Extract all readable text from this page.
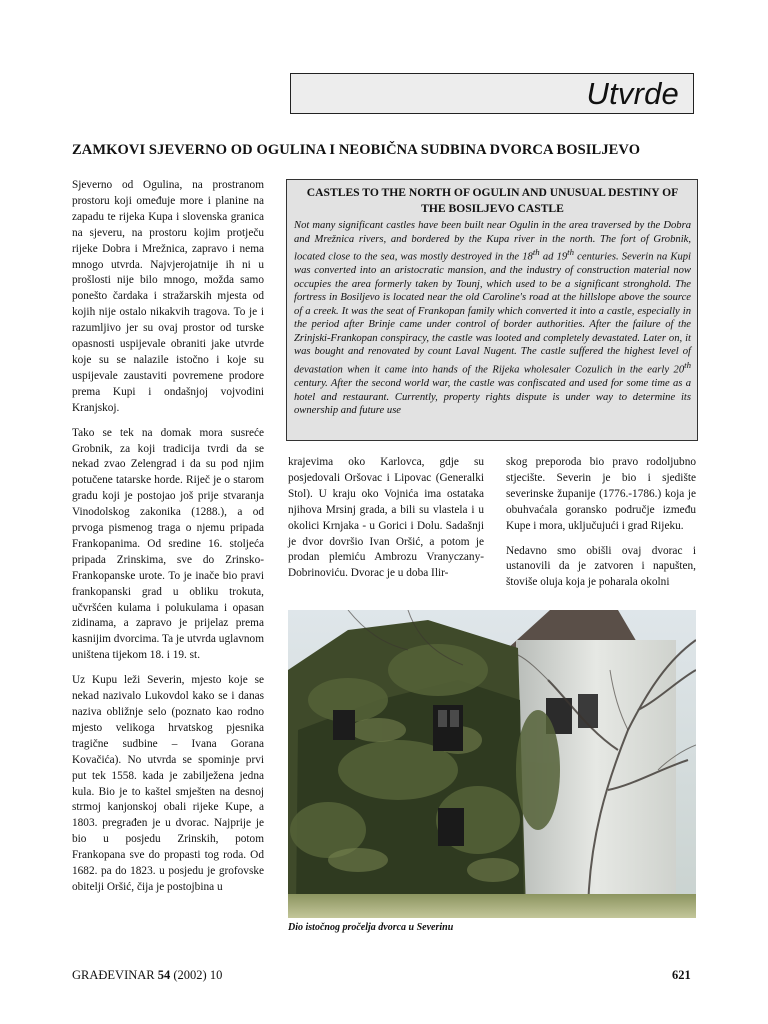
Utvrde
ZAMKOVI SJEVERNO OD OGULINA I NEOBIČNA SUDBINA DVORCA BOSILJEVO

Sjeverno od Ogulina, na prostranom prostoru koji omeđuje more i planine na zapadu te rijeka Kupa i slovenska granica na sjeveru, na prostoru kojim protječu rijeke Dobra i Mrežnica, zapravo i nema mnogo utvrda. Najvjerojatnije ih ni u prošlosti nije bilo mnogo, možda samo ponešto čardaka i stražarskih mjesta od kojih nije ostalo nikakvih tragova. To je i razumljivo jer su ovaj prostor od turske opasnosti uspijevale obraniti jake utvrde koje su se nalazile istočno i koje su uspijevale zaustaviti povremene prodore prema Kupi i ondašnjoj vojvodini Kranjskoj.

Tako se tek na domak mora susreće Grobnik, za koji tradicija tvrdi da se nekad zvao Zelengrad i da su pod njim potučene tatarske horde. Riječ je o starom gradu koji je postojao još prije stvaranja Vinodolskog zakonika (1288.), a od prvoga pismenog traga o njemu pripada Frankopanima. Od sredine 16. stoljeća pripada Zrinskima, sve do Zrinsko-Frankopanske urote. To je inače bio pravi frankopanski grad u obliku trokuta, učvršćen kulama i polukulama i opasan zidinama, a zapravo je prijelaz prema kasnijim dvorcima. Ta je utvrda uglavnom uništena tijekom 18. i 19. st.

Uz Kupu leži Severin, mjesto koje se nekad nazivalo Lukovdol kako se i danas naziva obližnje selo (poznato kao rodno mjesto velikoga hrvatskog pjesnika tragične sudbine – Ivana Gorana Kovačića). No utvrda se spominje prvi put tek 1558. kada je zabilježena jedna kula. Bio je to kaštel smješten na desnoj strmoj kanjonskoj obali rijeke Kupe, a 1803. pregrađen je u dvorac. Najprije je bio u posjedu Zrinskih, potom Frankopana sve do propasti tog roda. Od 1682. pa do 1823. u posjedu je grofovske obitelji Oršić, čija je postojbina u

CASTLES TO THE NORTH OF OGULIN AND UNUSUAL DESTINY OF THE BOSILJEVO CASTLE

Not many significant castles have been built near Ogulin in the area traversed by the Dobra and Mrežnica rivers, and bordered by the Kupa river in the north. The fort of Grobnik, located close to the sea, was mostly destroyed in the 18th ad 19th centuries. Severin na Kupi was converted into an aristocratic mansion, and the industry of construction material now occupies the area formerly taken by Tounj, which used to be a significant stronghold. The fortress in Bosiljevo is located near the old Caroline's road at the hillslope above the source of a creek. It was the seat of Frankopan family which converted it into a castle, especially in the period after Brinje came under control of border authorities. After the failure of the Zrinjski-Frankopan conspiracy, the castle was looted and completely devastated. Later on, it was bought and renovated by count Laval Nugent. The castle suffered the highest level of devastation when it came into hands of the Rijeka wholesaler Cozulich in the early 20th century. After the second world war, the castle was confiscated and used for some time as a hotel and restaurant. Currently, property rights dispute is under way to determine its ownership and future use

krajevima oko Karlovca, gdje su posjedovali Oršovac i Lipovac (Generalki Stol). U kraju oko Vojnića ima ostataka njihova Mrsinj grada, a bili su vlastela i u okolici Krnjaka - u Gorici i Dolu. Sadašnji je dvor dovršio Ivan Oršić, a potom je prodan plemiću Ambrozu Vranyczany-Dobrinoviću. Dvorac je u doba Ilir-

skog preporoda bio pravo rodoljubno stjecište. Severin je bio i sjedište severinske županije (1776.-1786.) koja je obuhvaćala goransko područje između Kupe i mora, uključujući i grad Rijeku.

Nedavno smo obišli ovaj dvorac i ustanovili da je zatvoren i napušten, štoviše oluja koja je poharala okolni

Dio istočnog pročelja dvorca u Severinu
GRAĐEVINAR 54 (2002) 10	621
